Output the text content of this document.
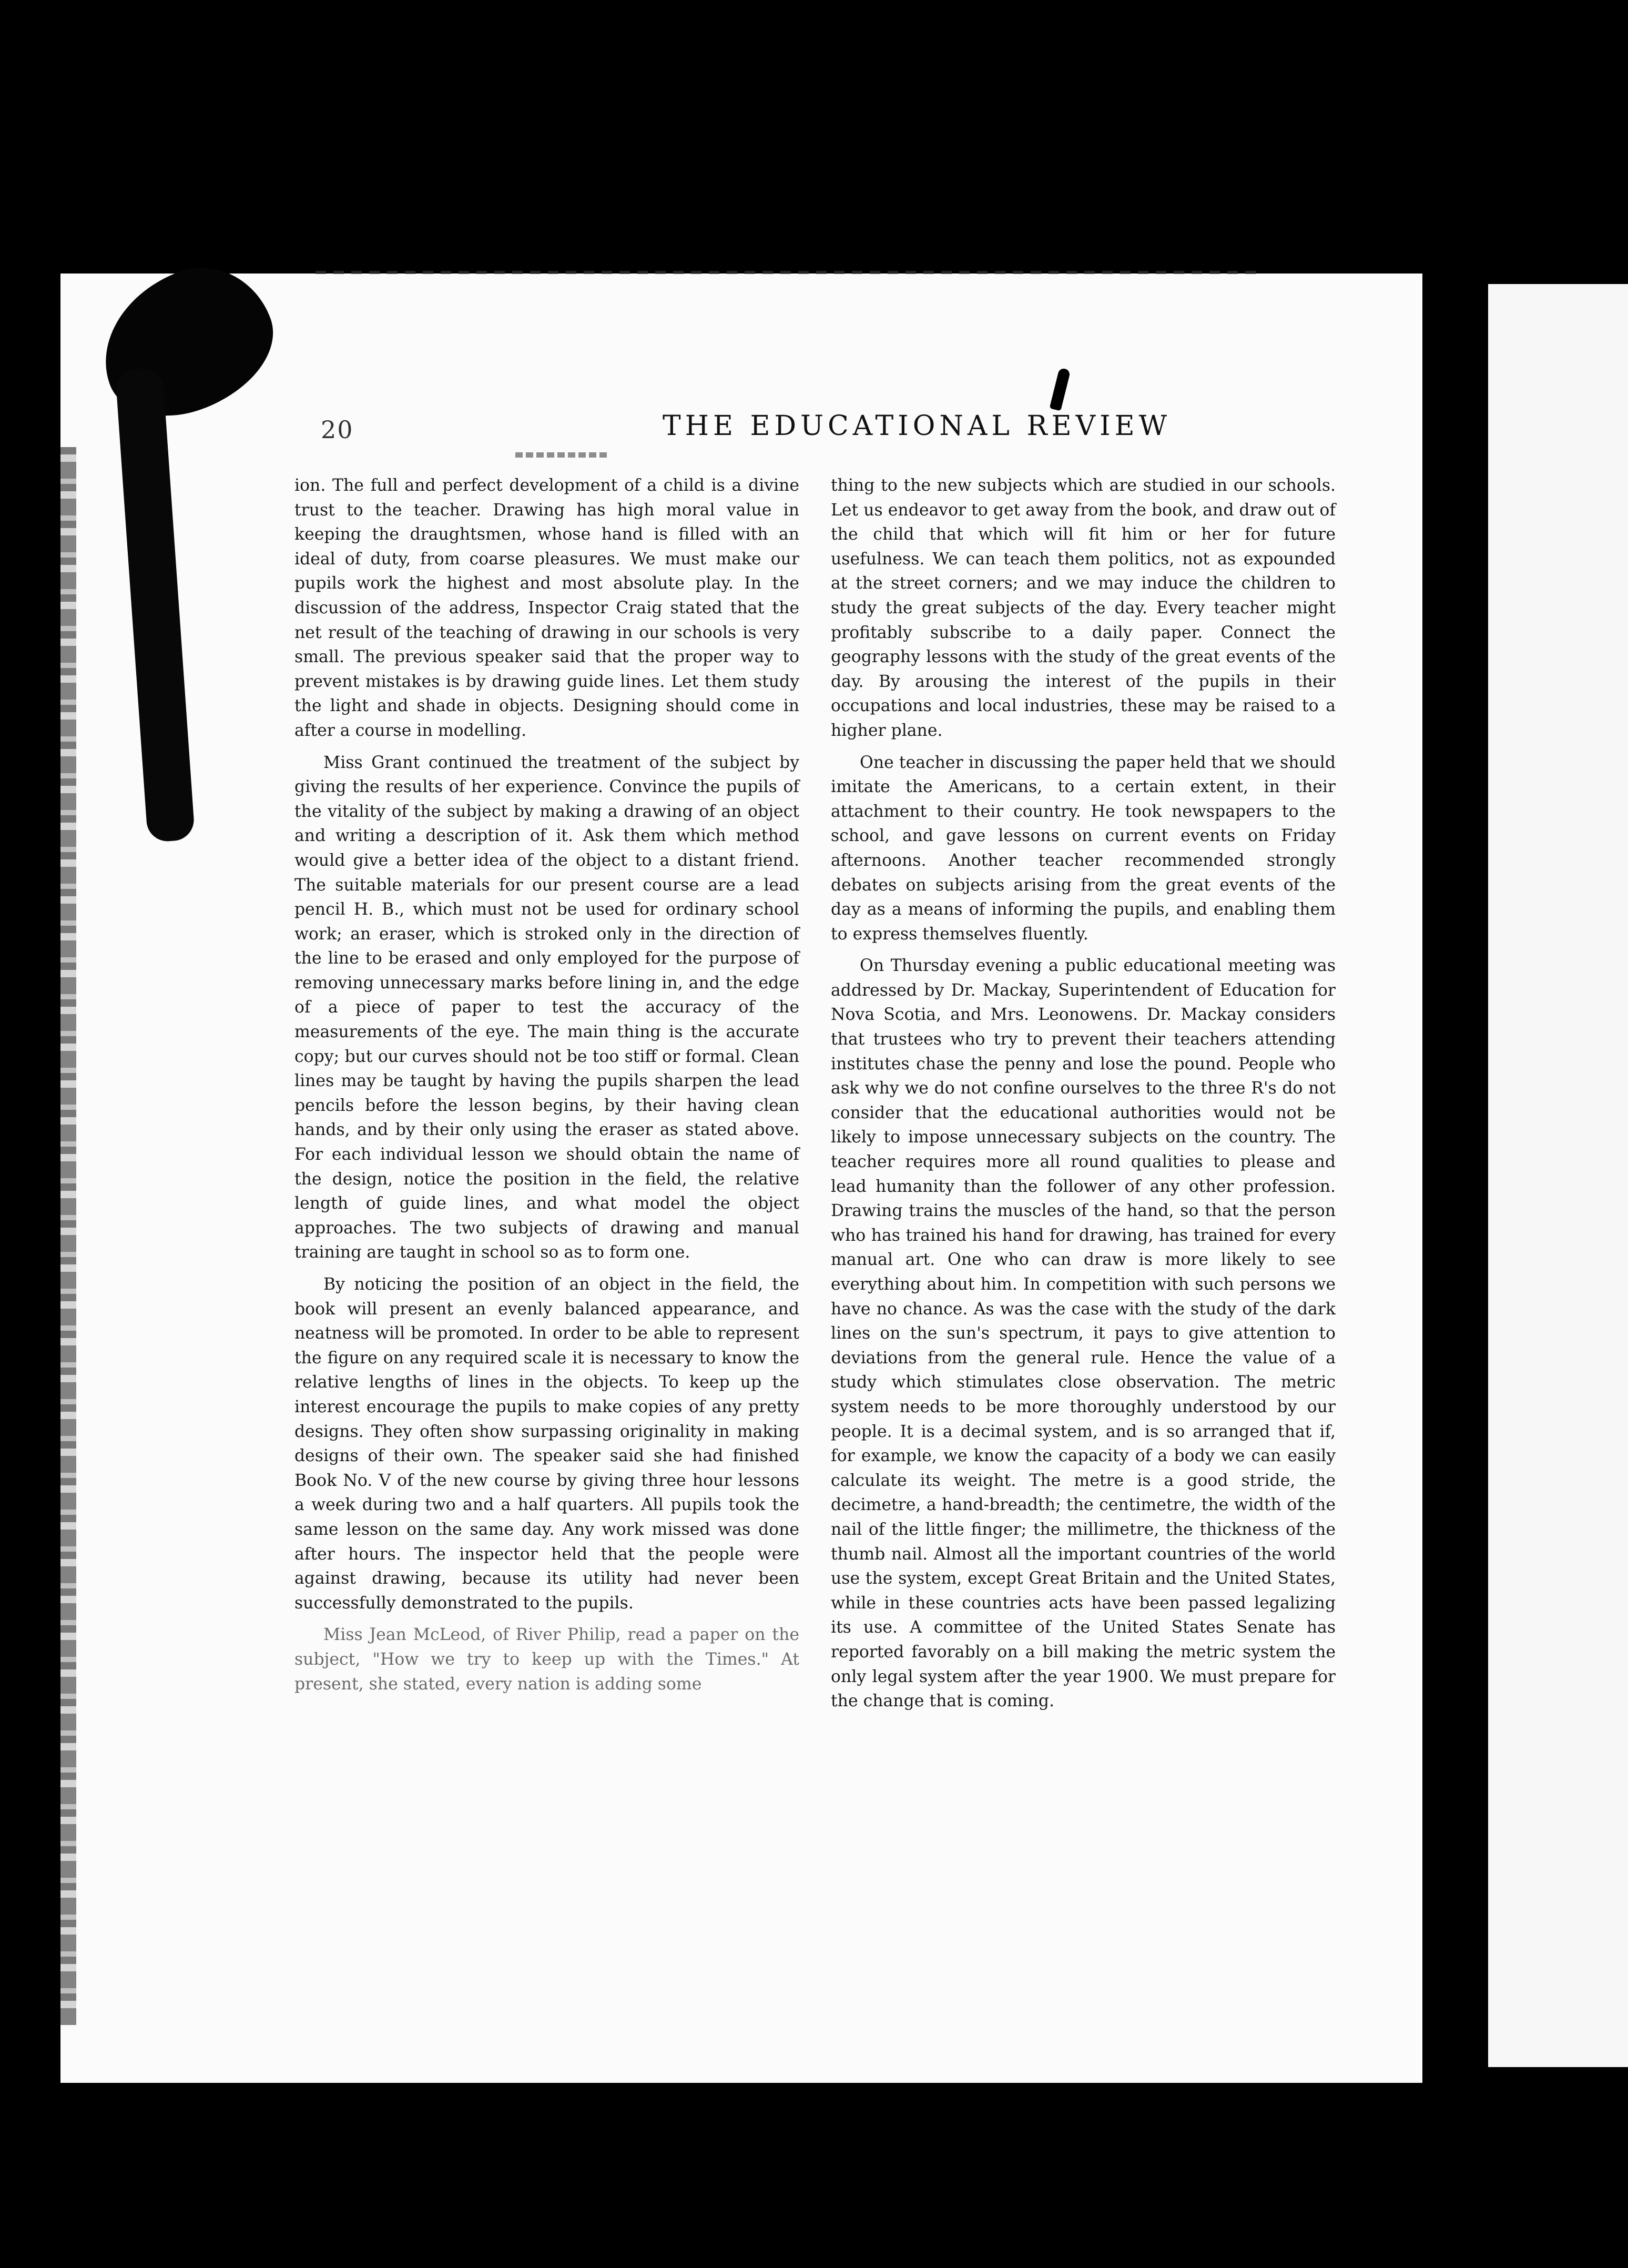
20	THE EDUCATIONAL REVIEW

ion. The full and perfect development of a child is a divine trust to the teacher. Drawing has high moral value in keeping the draughtsmen, whose hand is filled with an ideal of duty, from coarse pleasures. We must make our pupils work the highest and most absolute play. In the discussion of the address, Inspector Craig stated that the net result of the teaching of drawing in our schools is very small. The previous speaker said that the proper way to prevent mistakes is by drawing guide lines. Let them study the light and shade in objects. Designing should come in after a course in modelling.

Miss Grant continued the treatment of the subject by giving the results of her experience. Convince the pupils of the vitality of the subject by making a drawing of an object and writing a description of it. Ask them which method would give a better idea of the object to a distant friend. The suitable materials for our present course are a lead pencil H. B., which must not be used for ordinary school work; an eraser, which is stroked only in the direction of the line to be erased and only employed for the purpose of removing unnecessary marks before lining in, and the edge of a piece of paper to test the accuracy of the measurements of the eye. The main thing is the accurate copy; but our curves should not be too stiff or formal. Clean lines may be taught by having the pupils sharpen the lead pencils before the lesson begins, by their having clean hands, and by their only using the eraser as stated above. For each individual lesson we should obtain the name of the design, notice the position in the field, the relative length of guide lines, and what model the object approaches. The two subjects of drawing and manual training are taught in school so as to form one.

By noticing the position of an object in the field, the book will present an evenly balanced appearance, and neatness will be promoted. In order to be able to represent the figure on any required scale it is necessary to know the relative lengths of lines in the objects. To keep up the interest encourage the pupils to make copies of any pretty designs. They often show surpassing originality in making designs of their own. The speaker said she had finished Book No. V of the new course by giving three hour lessons a week during two and a half quarters. All pupils took the same lesson on the same day. Any work missed was done after hours. The inspector held that the people were against drawing, because its utility had never been successfully demonstrated to the pupils.

Miss Jean McLeod, of River Philip, read a paper on the subject, "How we try to keep up with the Times." At present, she stated, every nation is adding some

thing to the new subjects which are studied in our schools. Let us endeavor to get away from the book, and draw out of the child that which will fit him or her for future usefulness. We can teach them politics, not as expounded at the street corners; and we may induce the children to study the great subjects of the day. Every teacher might profitably subscribe to a daily paper. Connect the geography lessons with the study of the great events of the day. By arousing the interest of the pupils in their occupations and local industries, these may be raised to a higher plane.

One teacher in discussing the paper held that we should imitate the Americans, to a certain extent, in their attachment to their country. He took newspapers to the school, and gave lessons on current events on Friday afternoons. Another teacher recommended strongly debates on subjects arising from the great events of the day as a means of informing the pupils, and enabling them to express themselves fluently.

On Thursday evening a public educational meeting was addressed by Dr. Mackay, Superintendent of Education for Nova Scotia, and Mrs. Leonowens. Dr. Mackay considers that trustees who try to prevent their teachers attending institutes chase the penny and lose the pound. People who ask why we do not confine ourselves to the three R's do not consider that the educational authorities would not be likely to impose unnecessary subjects on the country. The teacher requires more all round qualities to please and lead humanity than the follower of any other profession. Drawing trains the muscles of the hand, so that the person who has trained his hand for drawing, has trained for every manual art. One who can draw is more likely to see everything about him. In competition with such persons we have no chance. As was the case with the study of the dark lines on the sun's spectrum, it pays to give attention to deviations from the general rule. Hence the value of a study which stimulates close observation. The metric system needs to be more thoroughly understood by our people. It is a decimal system, and is so arranged that if, for example, we know the capacity of a body we can easily calculate its weight. The metre is a good stride, the decimetre, a hand-breadth; the centimetre, the width of the nail of the little finger; the millimetre, the thickness of the thumb nail. Almost all the important countries of the world use the system, except Great Britain and the United States, while in these countries acts have been passed legalizing its use. A committee of the United States Senate has reported favorably on a bill making the metric system the only legal system after the year 1900. We must prepare for the change that is coming.
